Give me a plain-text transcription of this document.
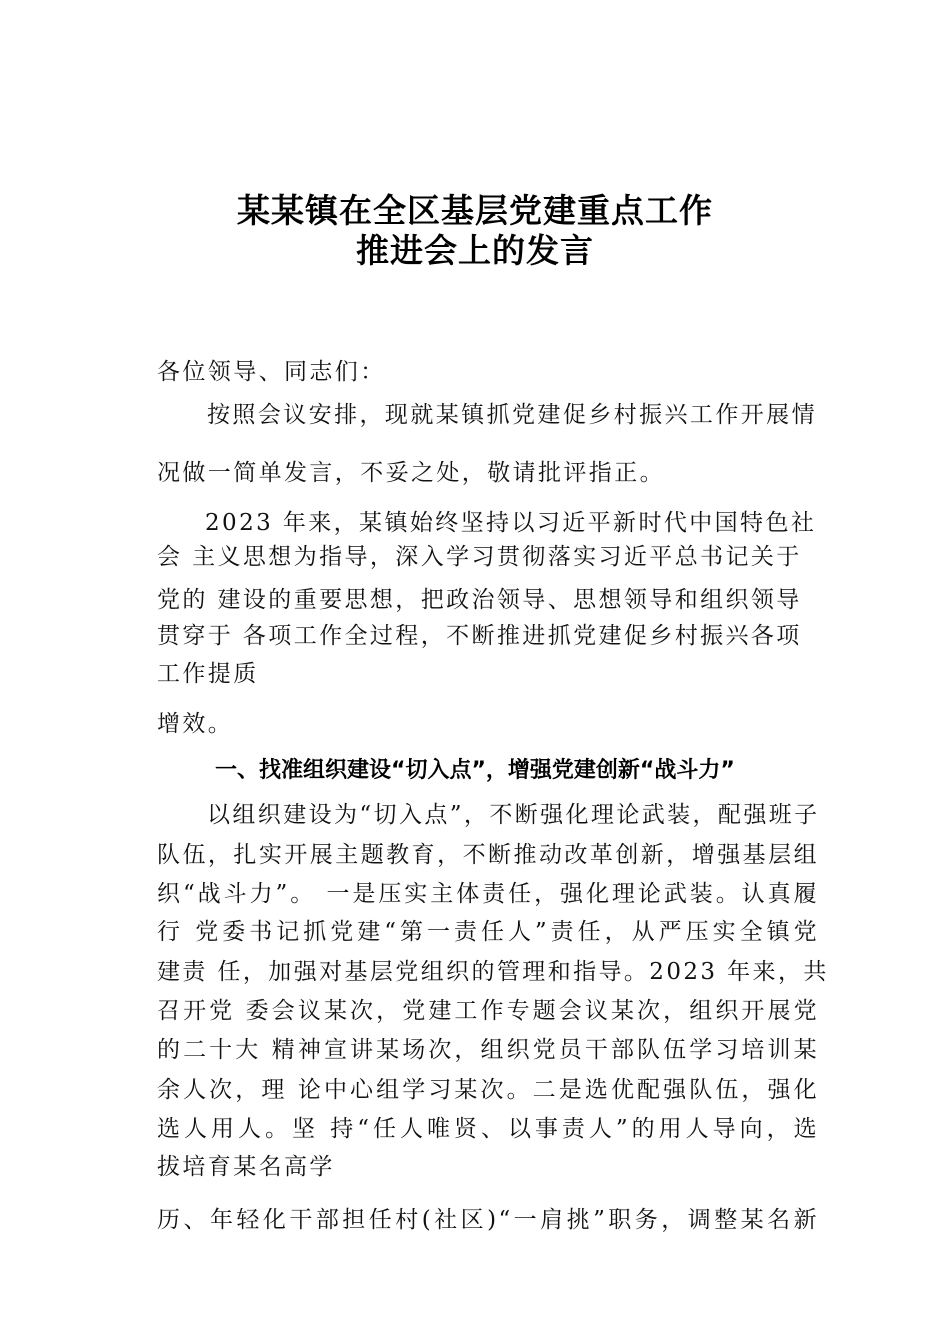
某某镇在全区基层党建重点工作
推进会上的发言
各位领导、同志们：
按照会议安排，现就某镇抓党建促乡村振兴工作开展情
况做一简单发言，不妥之处，敬请批评指正。
2023 年来，某镇始终坚持以习近平新时代中国特色社
会 主义思想为指导，深入学习贯彻落实习近平总书记关于
党的 建设的重要思想，把政治领导、思想领导和组织领导
贯穿于 各项工作全过程，不断推进抓党建促乡村振兴各项
工作提质
增效。
一、找准组织建设“切入点”，增强党建创新“战斗力”
以组织建设为“切入点”，不断强化理论武装，配强班子
队伍，扎实开展主题教育，不断推动改革创新，增强基层组
织“战斗力”。 一是压实主体责任，强化理论武装。认真履
行 党委书记抓党建“第一责任人”责任，从严压实全镇党
建责 任，加强对基层党组织的管理和指导。2023 年来，共
召开党 委会议某次，党建工作专题会议某次，组织开展党
的二十大 精神宣讲某场次，组织党员干部队伍学习培训某
余人次，理 论中心组学习某次。二是选优配强队伍，强化
选人用人。坚 持“任人唯贤、以事责人”的用人导向，选
拔培育某名高学
历、年轻化干部担任村(社区)“一肩挑”职务，调整某名新
